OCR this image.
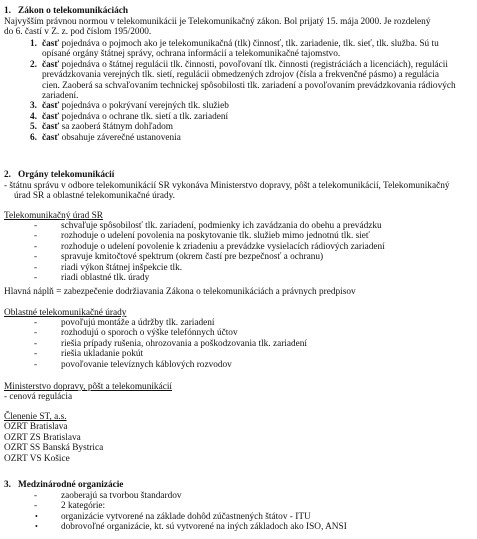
1. Zákon o telekomunikáciách
Najvyšším právnou normou v telekomunikácii je Telekomunikačný zákon. Bol prijatý 15. mája 2000. Je rozdelený
do 6. častí v Z. z. pod číslom 195/2000.
1. časť pojednáva o pojmoch ako je telekomunikačná (tlk) činnosť, tlk. zariadenie, tlk. sieť, tlk. služba. Sú tu
opísané orgány štátnej správy, ochrana informácií a telekomunikačné tajomstvo.
2. časť pojednáva o štátnej regulácii tlk. činnosti, povoľovaní tlk. činnosti (registráciách a licenciách), regulácii
prevádzkovania verejných tlk. sietí, regulácii obmedzených zdrojov (čísla a frekvenčné pásmo) a regulácia
cien. Zaoberá sa schvaľovaním technickej spôsobilosti tlk. zariadení a povoľovaním prevádzkovania rádiových
zariadení.
3. časť pojednáva o pokrývaní verejných tlk. služieb
4. časť pojednáva o ochrane tlk. sietí a tlk. zariadení
5. časť sa zaoberá štátnym dohľadom
6. časť obsahuje záverečné ustanovenia
2. Orgány telekomunikácií
- štátnu správu v odbore telekomunikácií SR vykonáva Ministerstvo dopravy, pôšt a telekomunikácií, Telekomunikačný
úrad SR a oblastné telekomunikačné úrady.
Telekomunikačný úrad SR
-	schvaľuje spôsobilosť tlk. zariadení, podmienky ich zavádzania do obehu a prevádzku
-	rozhoduje o udelení povolenia na poskytovanie tlk. služieb mimo jednotnú tlk. sieť
-	rozhoduje o udelení povolenie k zriadeniu a prevádzke vysielacích rádiových zariadení
-	spravuje kmitočtové spektrum (okrem častí pre bezpečnosť a ochranu)
-	riadi výkon štátnej inšpekcie tlk.
-	riadi oblastné tlk. úrady
Hlavná náplň = zabezpečenie dodržiavania Zákona o telekomunikáciách a právnych predpisov
Oblastné telekomunikačné úrady
-	povoľujú montáže a údržby tlk. zariadení
-	rozhodujú o sporoch o výške telefónnych účtov
-	riešia prípady rušenia, ohrozovania a poškodzovania tlk. zariadení
-	riešia ukladanie pokút
-	povoľovanie televíznych káblových rozvodov
Ministerstvo dopravy, pôšt a telekomunikácií
- cenová regulácia
Členenie ST, a.s.
OZRT Bratislava
OZRT ZS Bratislava
OZRT SS Banská Bystrica
OZRT VS Košice
3. Medzinárodné organizácie
-	zaoberajú sa tvorbou štandardov
-	2 kategórie:
• organizácie vytvorené na základe dohôd zúčastnených štátov - ITU
• dobrovoľné organizácie, kt. sú vytvorené na iných základoch ako ISO, ANSI
